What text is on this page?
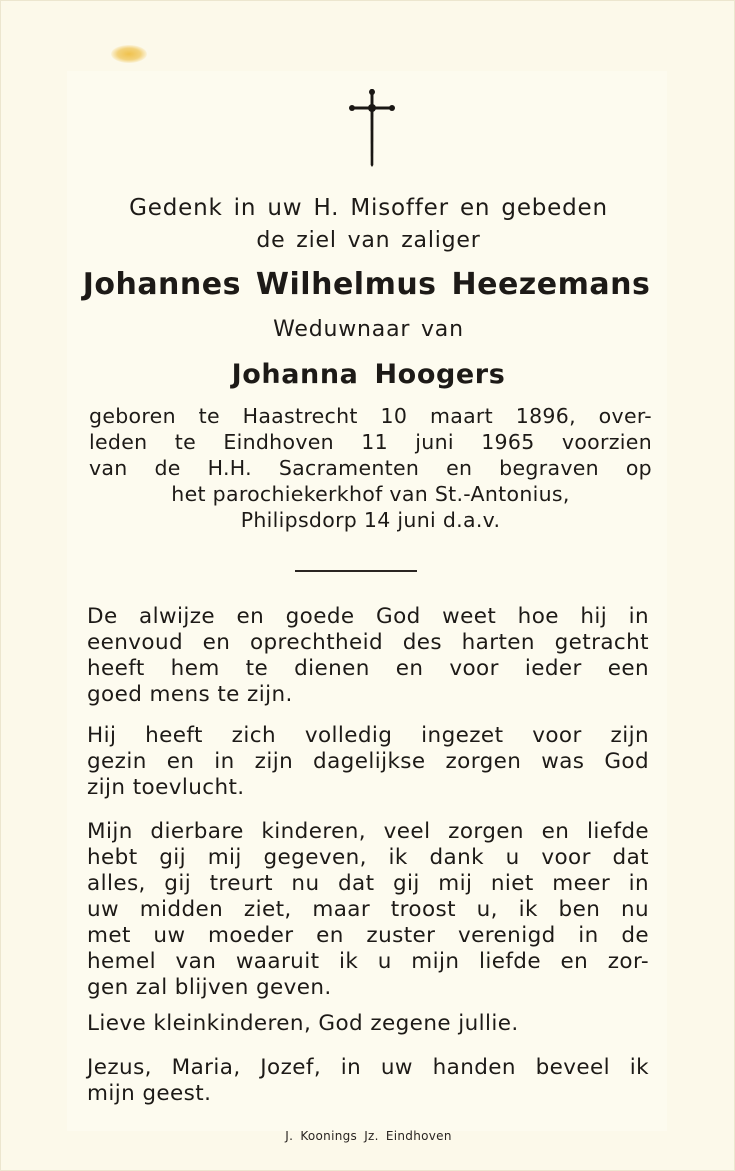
Gedenk in uw H. Misoffer en gebeden

de ziel van zaliger

Johannes Wilhelmus Heezemans

Weduwnaar van

Johanna Hoogers

geboren te Haastrecht 10 maart 1896, over-
leden te Eindhoven 11 juni 1965 voorzien
van de H.H. Sacramenten en begraven op
het parochiekerkhof van St.-Antonius,
Philipsdorp 14 juni d.a.v.
De alwijze en goede God weet hoe hij in
eenvoud en oprechtheid des harten getracht
heeft hem te dienen en voor ieder een
goed mens te zijn.
Hij heeft zich volledig ingezet voor zijn
gezin en in zijn dagelijkse zorgen was God
zijn toevlucht.
Mijn dierbare kinderen, veel zorgen en liefde
hebt gij mij gegeven, ik dank u voor dat
alles, gij treurt nu dat gij mij niet meer in
uw midden ziet, maar troost u, ik ben nu
met uw moeder en zuster verenigd in de
hemel van waaruit ik u mijn liefde en zor-
gen zal blijven geven.
Lieve kleinkinderen, God zegene jullie.
Jezus, Maria, Jozef, in uw handen beveel ik
mijn geest.
J. Koonings Jz. Eindhoven
